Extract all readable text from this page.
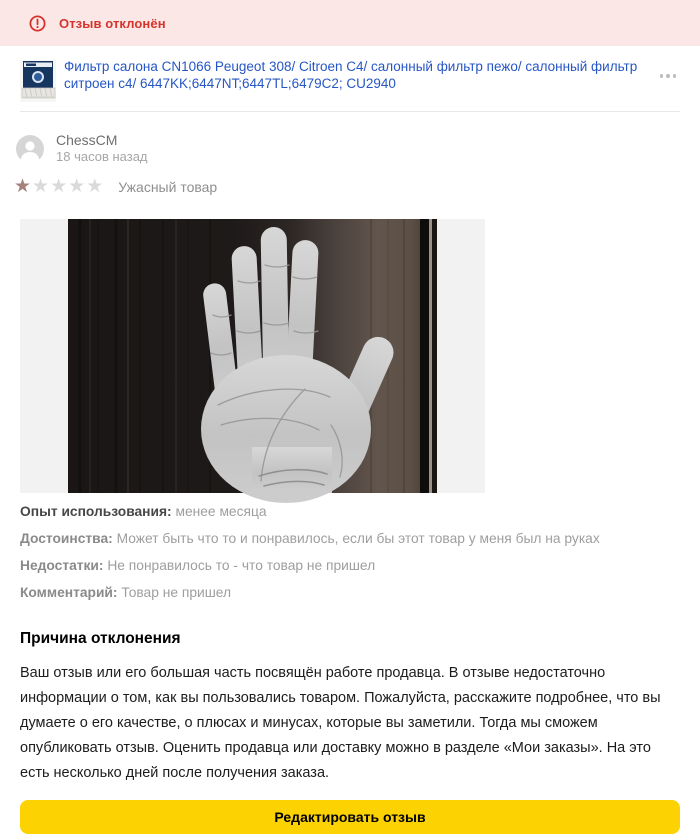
Отзыв отклонён
Фильтр салона CN1066 Peugeot 308/ Citroen C4/ салонный фильтр пежо/ салонный фильтр ситроен с4/ 6447KK;6447NT;6447TL;6479C2; CU2940
ChessCM
18 часов назад
★ ★ ★ ★ ★ Ужасный товар
Опыт использования: менее месяца
Достоинства: Может быть что то и понравилось, если бы этот товар у меня был на руках
Недостатки: Не понравилось то - что товар не пришел
Комментарий: Товар не пришел
Причина отклонения
Ваш отзыв или его большая часть посвящён работе продавца. В отзыве недостаточно информации о том, как вы пользовались товаром. Пожалуйста, расскажите подробнее, что вы думаете о его качестве, о плюсах и минусах, которые вы заметили. Тогда мы сможем опубликовать отзыв. Оценить продавца или доставку можно в разделе «Мои заказы». На это есть несколько дней после получения заказа.
Редактировать отзыв
